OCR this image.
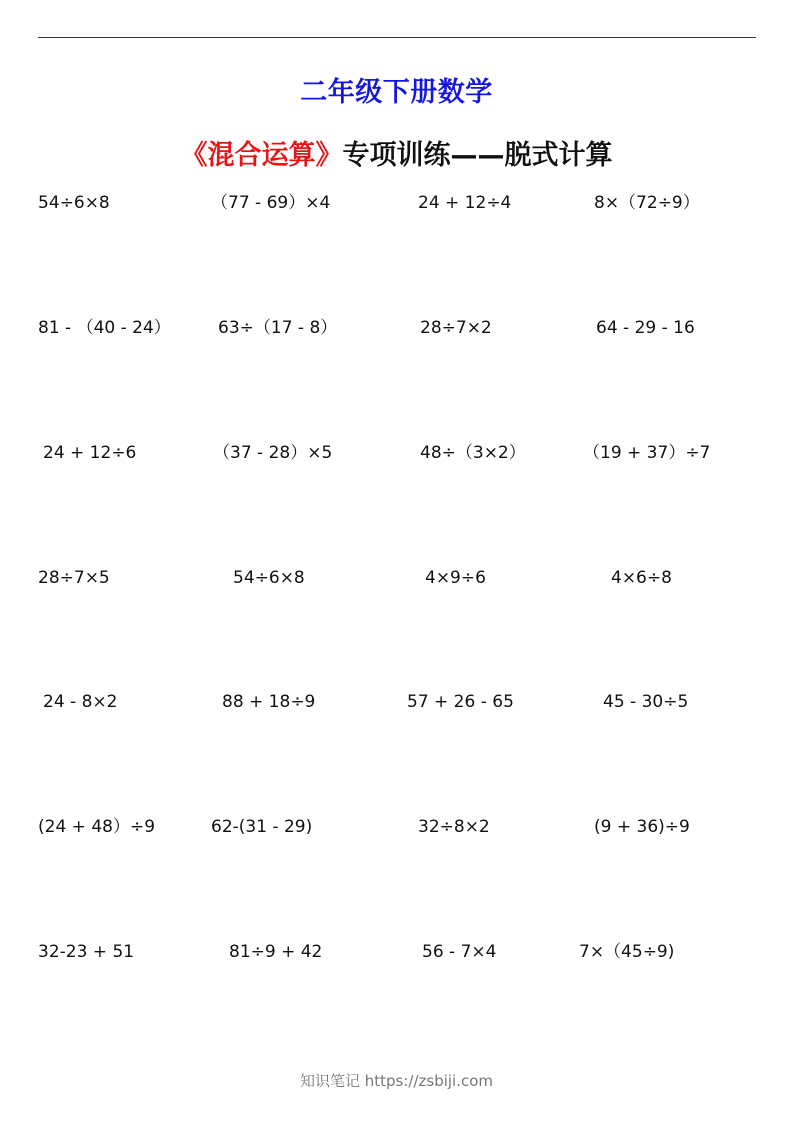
二年级下册数学
《混合运算》专项训练——脱式计算
54÷6×8	（77 - 69）×4	24 + 12÷4	8×（72÷9）
81 - （40 - 24）	63÷（17 - 8）	28÷7×2	64 - 29 - 16
24 + 12÷6	（37 - 28）×5	48÷（3×2）	（19 + 37）÷7
28÷7×5	54÷6×8	4×9÷6	4×6÷8
24 - 8×2	88 + 18÷9	57 + 26 - 65	45 - 30÷5
(24 + 48）÷9	62-(31 - 29)	32÷8×2	(9 + 36)÷9
32-23 + 51	81÷9 + 42	56 - 7×4	7×（45÷9)
知识笔记 https://zsbiji.com
